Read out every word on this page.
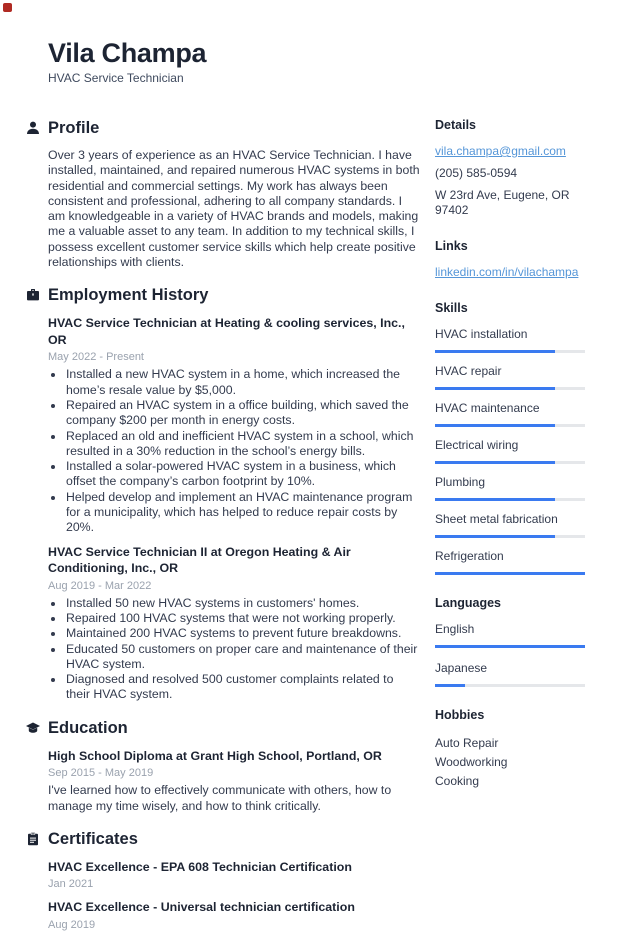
Vila Champa
HVAC Service Technician
Profile

Over 3 years of experience as an HVAC Service Technician. I have installed, maintained, and repaired numerous HVAC systems in both residential and commercial settings. My work has always been consistent and professional, adhering to all company standards. I am knowledgeable in a variety of HVAC brands and models, making me a valuable asset to any team. In addition to my technical skills, I possess excellent customer service skills which help create positive relationships with clients.

Employment History
HVAC Service Technician at Heating & cooling services, Inc., OR
May 2022 - Present
• Installed a new HVAC system in a home, which increased the home’s resale value by $5,000.
• Repaired an HVAC system in a office building, which saved the company $200 per month in energy costs.
• Replaced an old and inefficient HVAC system in a school, which resulted in a 30% reduction in the school’s energy bills.
• Installed a solar-powered HVAC system in a business, which offset the company’s carbon footprint by 10%.
• Helped develop and implement an HVAC maintenance program for a municipality, which has helped to reduce repair costs by 20%.
HVAC Service Technician II at Oregon Heating & Air Conditioning, Inc., OR
Aug 2019 - Mar 2022
• Installed 50 new HVAC systems in customers' homes.
• Repaired 100 HVAC systems that were not working properly.
• Maintained 200 HVAC systems to prevent future breakdowns.
• Educated 50 customers on proper care and maintenance of their HVAC system.
• Diagnosed and resolved 500 customer complaints related to their HVAC system.
Education
High School Diploma at Grant High School, Portland, OR
Sep 2015 - May 2019

I've learned how to effectively communicate with others, how to manage my time wisely, and how to think critically.

Certificates
HVAC Excellence - EPA 608 Technician Certification
Jan 2021
HVAC Excellence - Universal technician certification
Aug 2019
Details
vila.champa@gmail.com
(205) 585-0594
W 23rd Ave, Eugene, OR 97402
Links
linkedin.com/in/vilachampa
Skills
HVAC installation
HVAC repair
HVAC maintenance
Electrical wiring
Plumbing
Sheet metal fabrication
Refrigeration
Languages
English
Japanese
Hobbies
Auto Repair
Woodworking
Cooking
